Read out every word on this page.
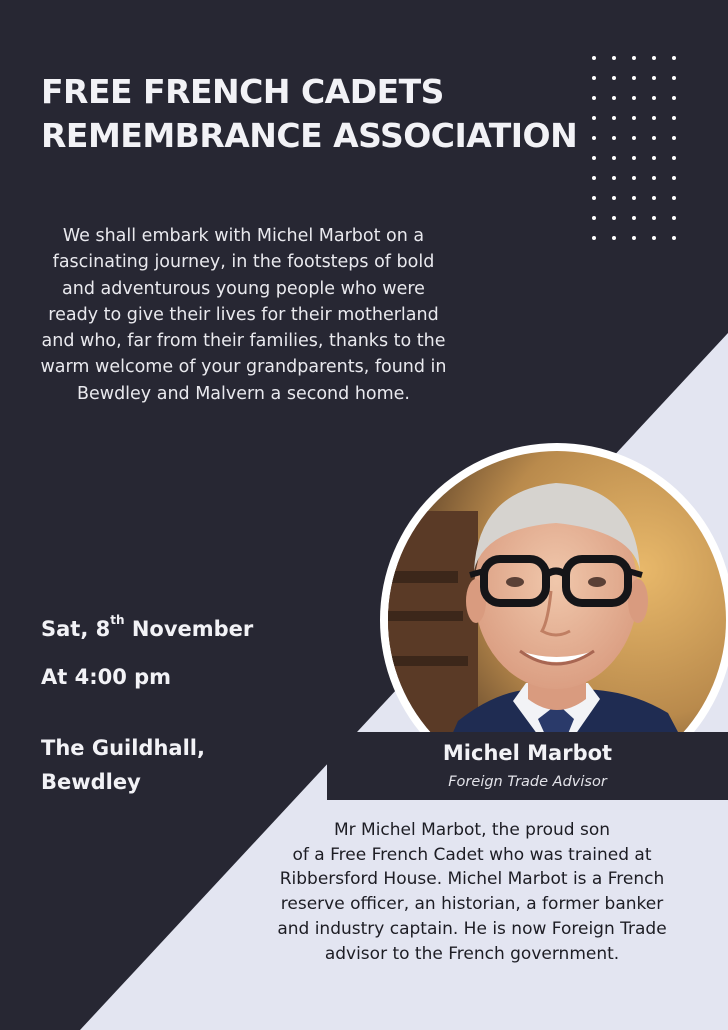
FREE FRENCH CADETS
REMEMBRANCE ASSOCIATION

We shall embark with Michel Marbot on a fascinating journey, in the footsteps of bold and adventurous young people who were ready to give their lives for their motherland and who, far from their families, thanks to the warm welcome of your grandparents, found in Bewdley and Malvern a second home.

Sat, 8th November

At 4:00 pm

The Guildhall,
Bewdley

Michel Marbot

Foreign Trade Advisor

Mr Michel Marbot, the proud son
of a Free French Cadet who was trained at
Ribbersford House. Michel Marbot is a French
reserve officer, an historian, a former banker
and industry captain. He is now Foreign Trade
advisor to the French government.
